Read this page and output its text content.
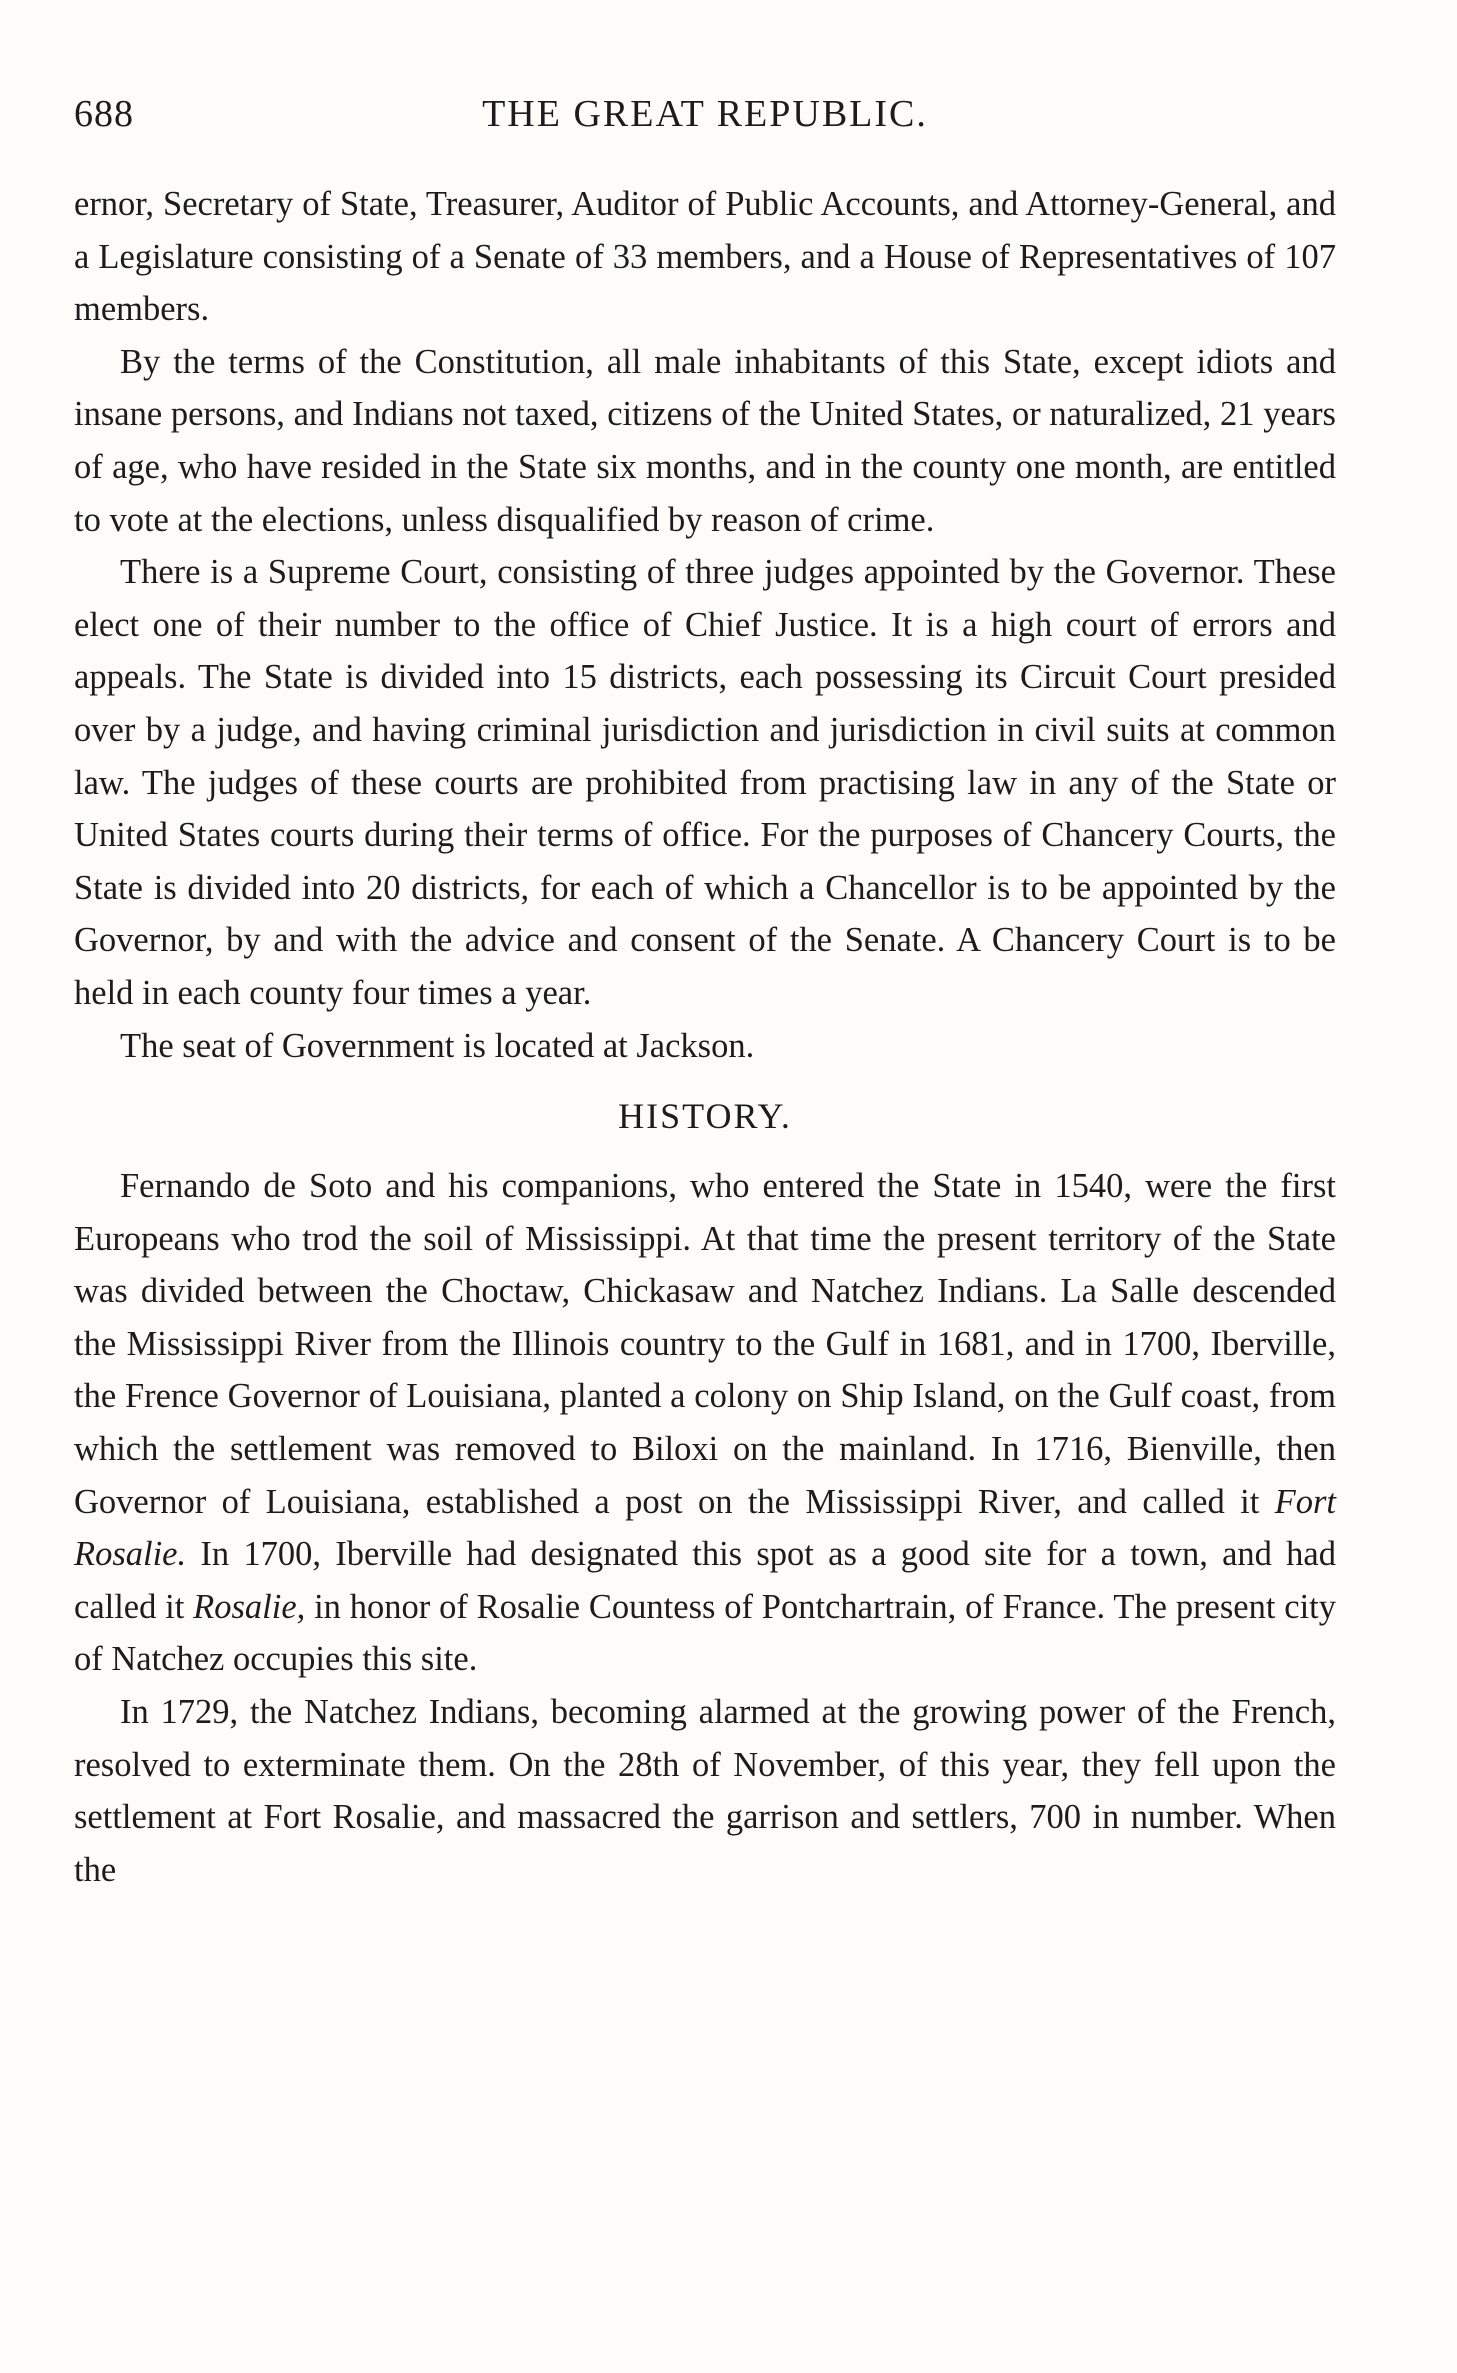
688	THE GREAT REPUBLIC.

ernor, Secretary of State, Treasurer, Auditor of Public Accounts, and Attorney-General, and a Legislature consisting of a Senate of 33 members, and a House of Representatives of 107 members.

By the terms of the Constitution, all male inhabitants of this State, except idiots and insane persons, and Indians not taxed, citizens of the United States, or naturalized, 21 years of age, who have resided in the State six months, and in the county one month, are entitled to vote at the elections, unless disqualified by reason of crime.

There is a Supreme Court, consisting of three judges appointed by the Governor. These elect one of their number to the office of Chief Justice. It is a high court of errors and appeals. The State is divided into 15 districts, each possessing its Circuit Court presided over by a judge, and having criminal jurisdiction and jurisdiction in civil suits at common law. The judges of these courts are prohibited from practising law in any of the State or United States courts during their terms of office. For the purposes of Chancery Courts, the State is divided into 20 districts, for each of which a Chancellor is to be appointed by the Governor, by and with the advice and consent of the Senate. A Chancery Court is to be held in each county four times a year.

The seat of Government is located at Jackson.

HISTORY.

Fernando de Soto and his companions, who entered the State in 1540, were the first Europeans who trod the soil of Mississippi. At that time the present territory of the State was divided between the Choctaw, Chickasaw and Natchez Indians. La Salle descended the Mississippi River from the Illinois country to the Gulf in 1681, and in 1700, Iberville, the Frence Governor of Louisiana, planted a colony on Ship Island, on the Gulf coast, from which the settlement was removed to Biloxi on the mainland. In 1716, Bienville, then Governor of Louisiana, established a post on the Mississippi River, and called it Fort Rosalie. In 1700, Iberville had designated this spot as a good site for a town, and had called it Rosalie, in honor of Rosalie Countess of Pontchartrain, of France. The present city of Natchez occupies this site.

In 1729, the Natchez Indians, becoming alarmed at the growing power of the French, resolved to exterminate them. On the 28th of November, of this year, they fell upon the settlement at Fort Rosalie, and massacred the garrison and settlers, 700 in number. When the
